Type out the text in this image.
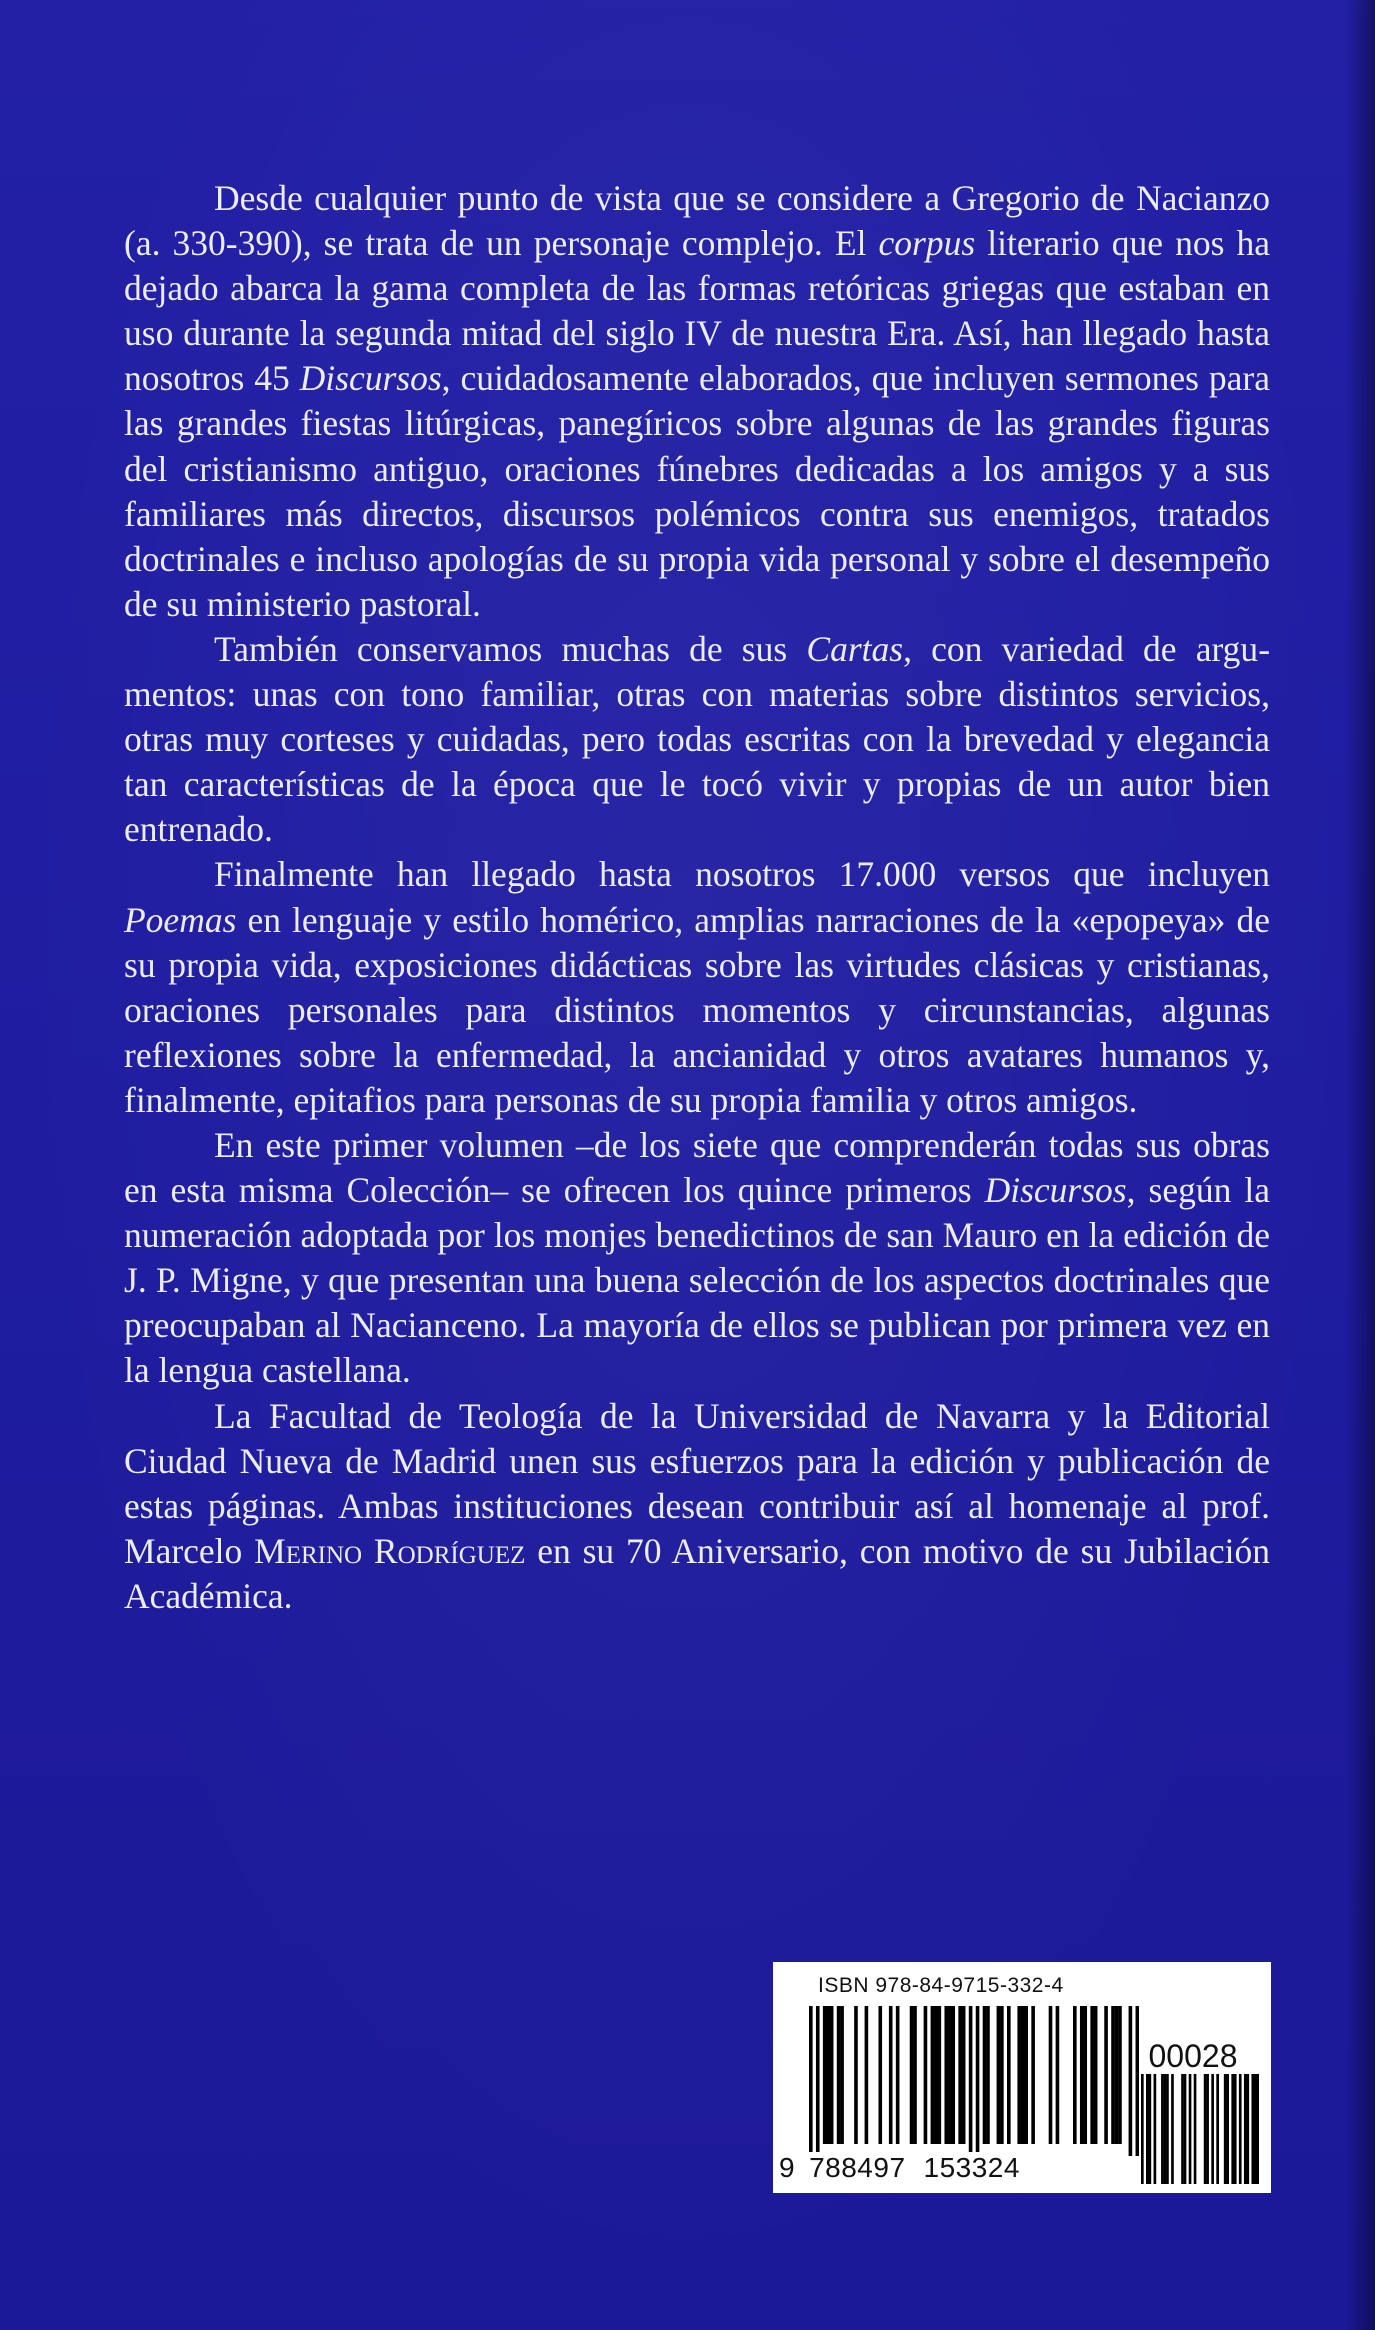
Desde cualquier punto de vista que se considere a Gregorio de Nacianzo (a. 330-390), se trata de un personaje complejo. El corpus literario que nos ha dejado abarca la gama completa de las formas retóricas griegas que estaban en uso durante la segunda mitad del siglo IV de nuestra Era. Así, han llegado hasta nosotros 45 Discursos, cuidadosamente elaborados, que incluyen sermones para las grandes fiestas litúrgicas, panegíricos sobre algunas de las grandes figuras del cristianismo antiguo, oraciones fúnebres dedicadas a los amigos y a sus familiares más directos, discursos polémicos contra sus enemigos, tratados doctrinales e incluso apologías de su propia vida personal y sobre el desempeño de su ministerio pastoral.

También conservamos muchas de sus Cartas, con variedad de argumentos: unas con tono familiar, otras con materias sobre distintos servicios, otras muy corteses y cuidadas, pero todas escritas con la brevedad y elegancia tan características de la época que le tocó vivir y propias de un autor bien entrenado.

Finalmente han llegado hasta nosotros 17.000 versos que incluyen Poemas en lenguaje y estilo homérico, amplias narraciones de la «epopeya» de su propia vida, exposiciones didácticas sobre las virtudes clásicas y cristianas, oraciones personales para distintos momentos y circunstancias, algunas reflexiones sobre la enfermedad, la ancianidad y otros avatares humanos y, finalmente, epitafios para personas de su propia familia y otros amigos.

En este primer volumen –de los siete que comprenderán todas sus obras en esta misma Colección– se ofrecen los quince primeros Discursos, según la numeración adoptada por los monjes benedictinos de san Mauro en la edición de J. P. Migne, y que presentan una buena selección de los aspectos doctrinales que preocupaban al Nacianceno. La mayoría de ellos se publican por primera vez en la lengua castellana.

La Facultad de Teología de la Universidad de Navarra y la Editorial Ciudad Nueva de Madrid unen sus esfuerzos para la edición y publicación de estas páginas. Ambas instituciones desean contribuir así al homenaje al prof. Marcelo Merino Rodríguez en su 70 Aniversario, con motivo de su Jubilación Académica.

ISBN 978-84-9715-332-4
00028
9 788497 153324
